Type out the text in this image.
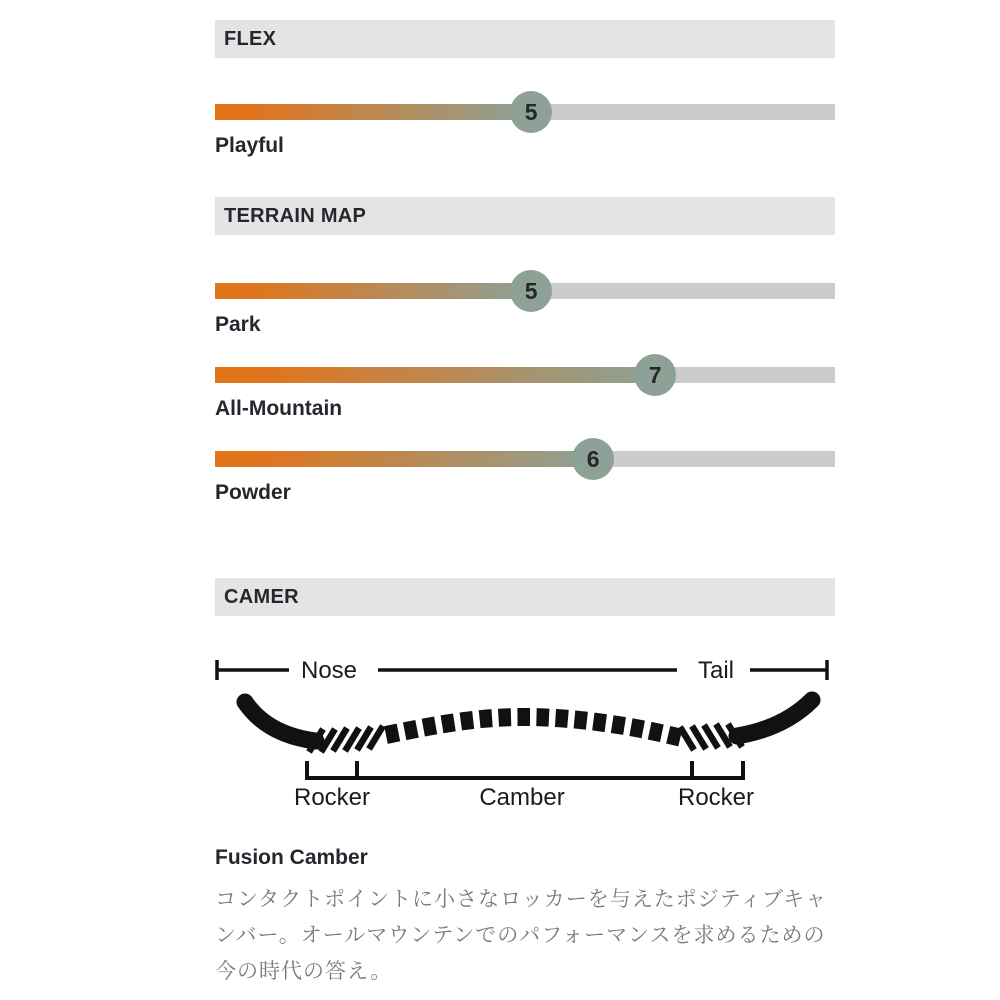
FLEX
5
Playful
TERRAIN MAP
5
Park
7
All-Mountain
6
Powder
CAMER
Nose	Tail
Rocker	Camber	Rocker
Fusion Camber
コンタクトポイントに小さなロッカーを与えたポジティブキャンバー。オールマウンテンでのパフォーマンスを求めるための今の時代の答え。
